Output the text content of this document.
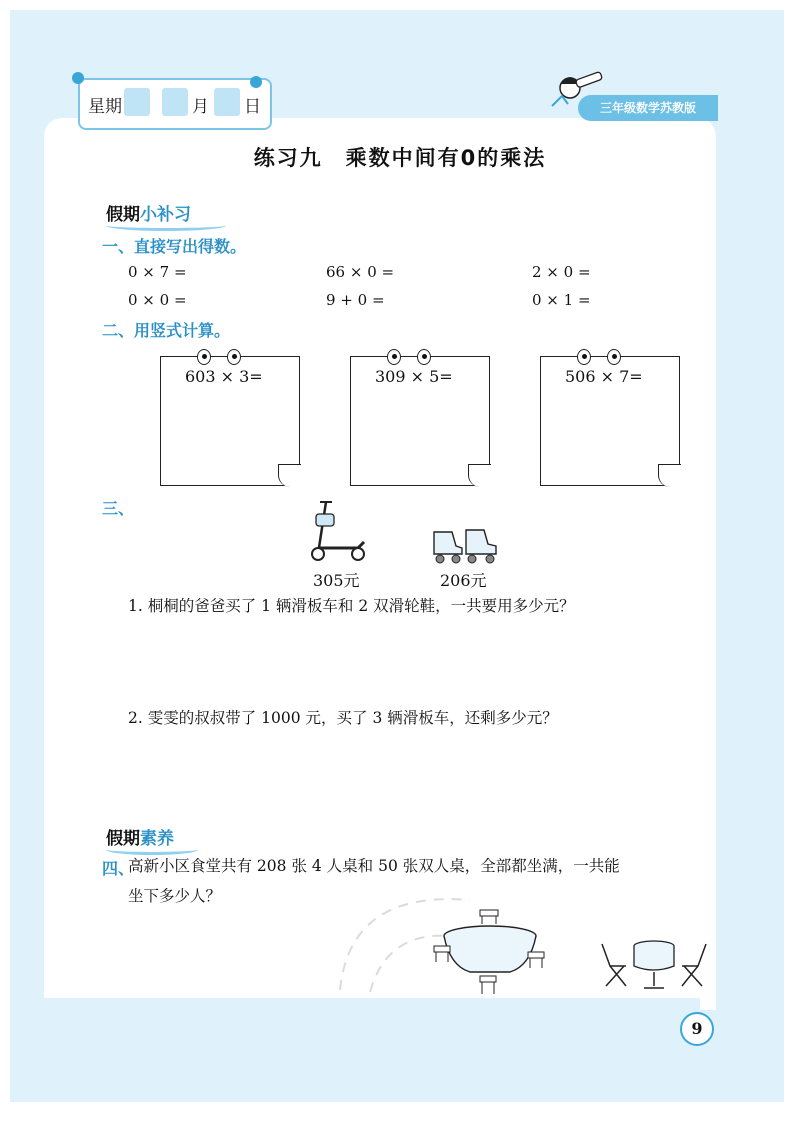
星期	月 日	三年级数学苏教版
练习九　乘数中间有0的乘法
假期小补习
一、直接写出得数。
0 × 7 =	66 × 0 =	2 × 0 =
0 × 0 =	9 + 0 =	0 × 1 =
二、用竖式计算。
603 × 3=	309 × 5=	506 × 7=
三、
305元	206元
1. 桐桐的爸爸买了 1 辆滑板车和 2 双滑轮鞋，一共要用多少元？
2. 雯雯的叔叔带了 1000 元，买了 3 辆滑板车，还剩多少元？
假期素养
四、
高新小区食堂共有 208 张 4 人桌和 50 张双人桌，全部都坐满，一共能
坐下多少人？
9
